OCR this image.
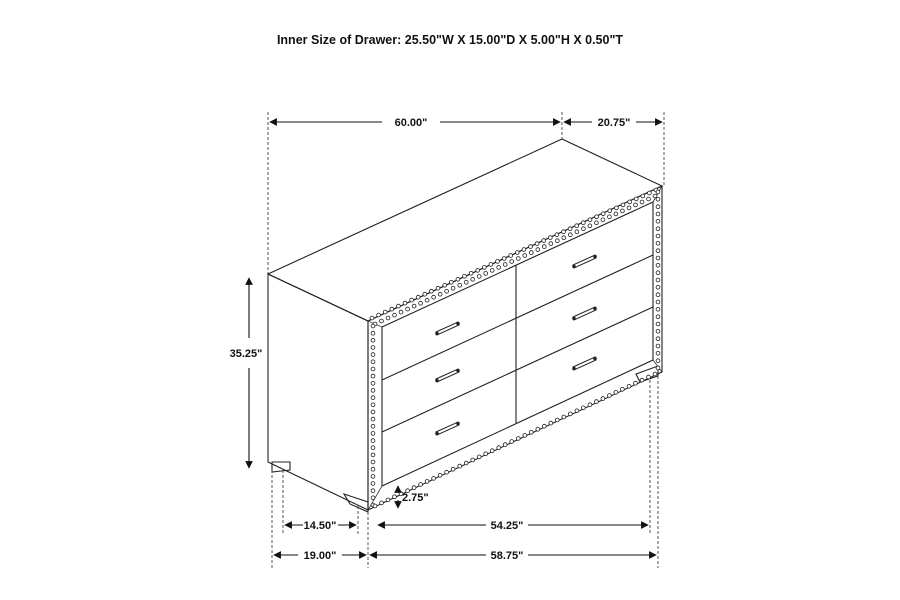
Inner Size of Drawer: 25.50"W X 15.00"D X 5.00"H X 0.50"T
60.00"	20.75"
35.25"
2.75"
14.50"	54.25"
19.00"	58.75"
